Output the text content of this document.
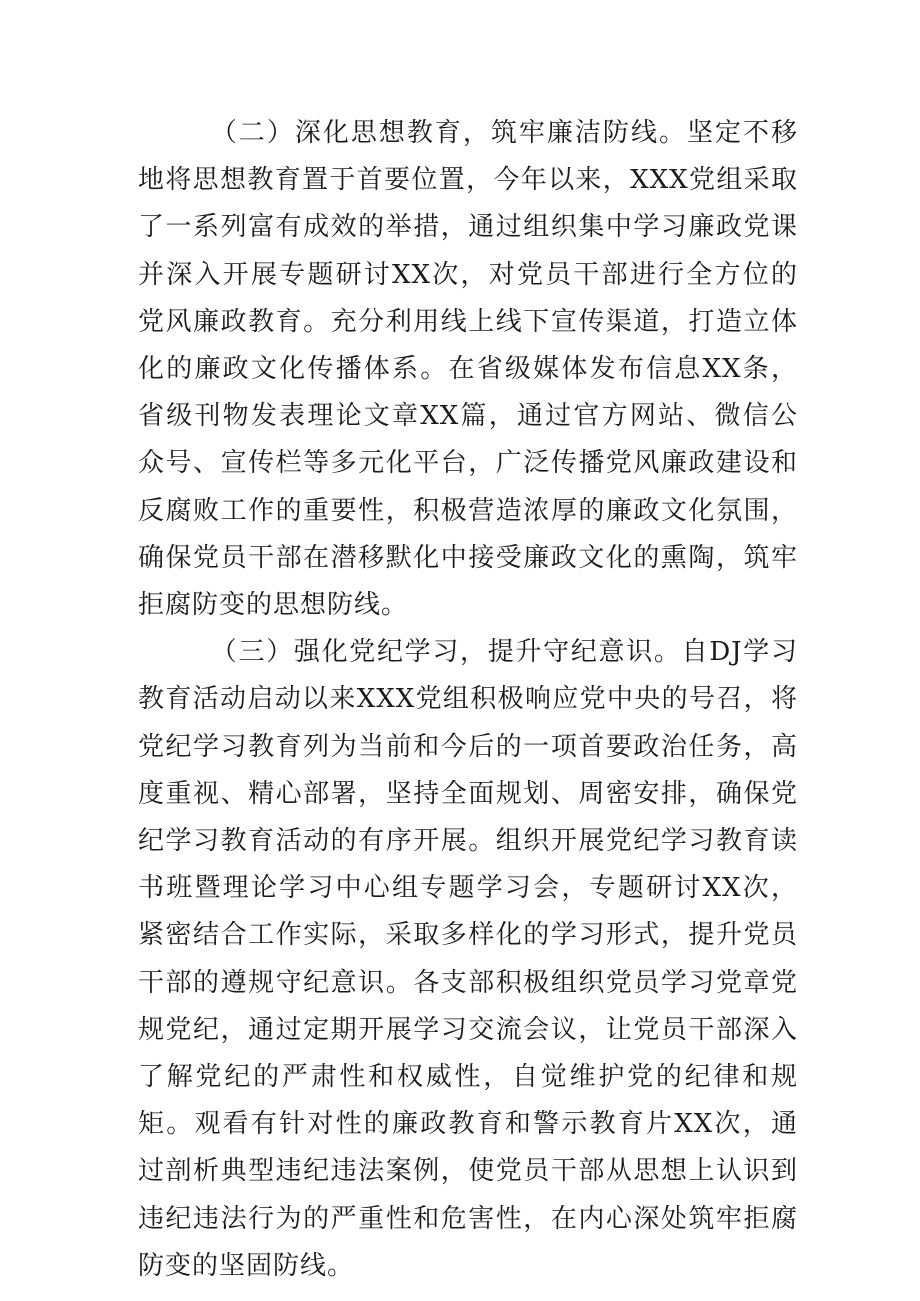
（二）深化思想教育，筑牢廉洁防线。坚定不移地将思想教育置于首要位置，今年以来，XXX党组采取了一系列富有成效的举措，通过组织集中学习廉政党课并深入开展专题研讨XX次，对党员干部进行全方位的党风廉政教育。充分利用线上线下宣传渠道，打造立体化的廉政文化传播体系。在省级媒体发布信息XX条，省级刊物发表理论文章XX篇，通过官方网站、微信公众号、宣传栏等多元化平台，广泛传播党风廉政建设和反腐败工作的重要性，积极营造浓厚的廉政文化氛围，确保党员干部在潜移默化中接受廉政文化的熏陶，筑牢拒腐防变的思想防线。

（三）强化党纪学习，提升守纪意识。自DJ学习教育活动启动以来XXX党组积极响应党中央的号召，将党纪学习教育列为当前和今后的一项首要政治任务，高度重视、精心部署，坚持全面规划、周密安排，确保党纪学习教育活动的有序开展。组织开展党纪学习教育读书班暨理论学习中心组专题学习会，专题研讨XX次，紧密结合工作实际，采取多样化的学习形式，提升党员干部的遵规守纪意识。各支部积极组织党员学习党章党规党纪，通过定期开展学习交流会议，让党员干部深入了解党纪的严肃性和权威性，自觉维护党的纪律和规矩。观看有针对性的廉政教育和警示教育片XX次，通过剖析典型违纪违法案例，使党员干部从思想上认识到违纪违法行为的严重性和危害性，在内心深处筑牢拒腐防变的坚固防线。
